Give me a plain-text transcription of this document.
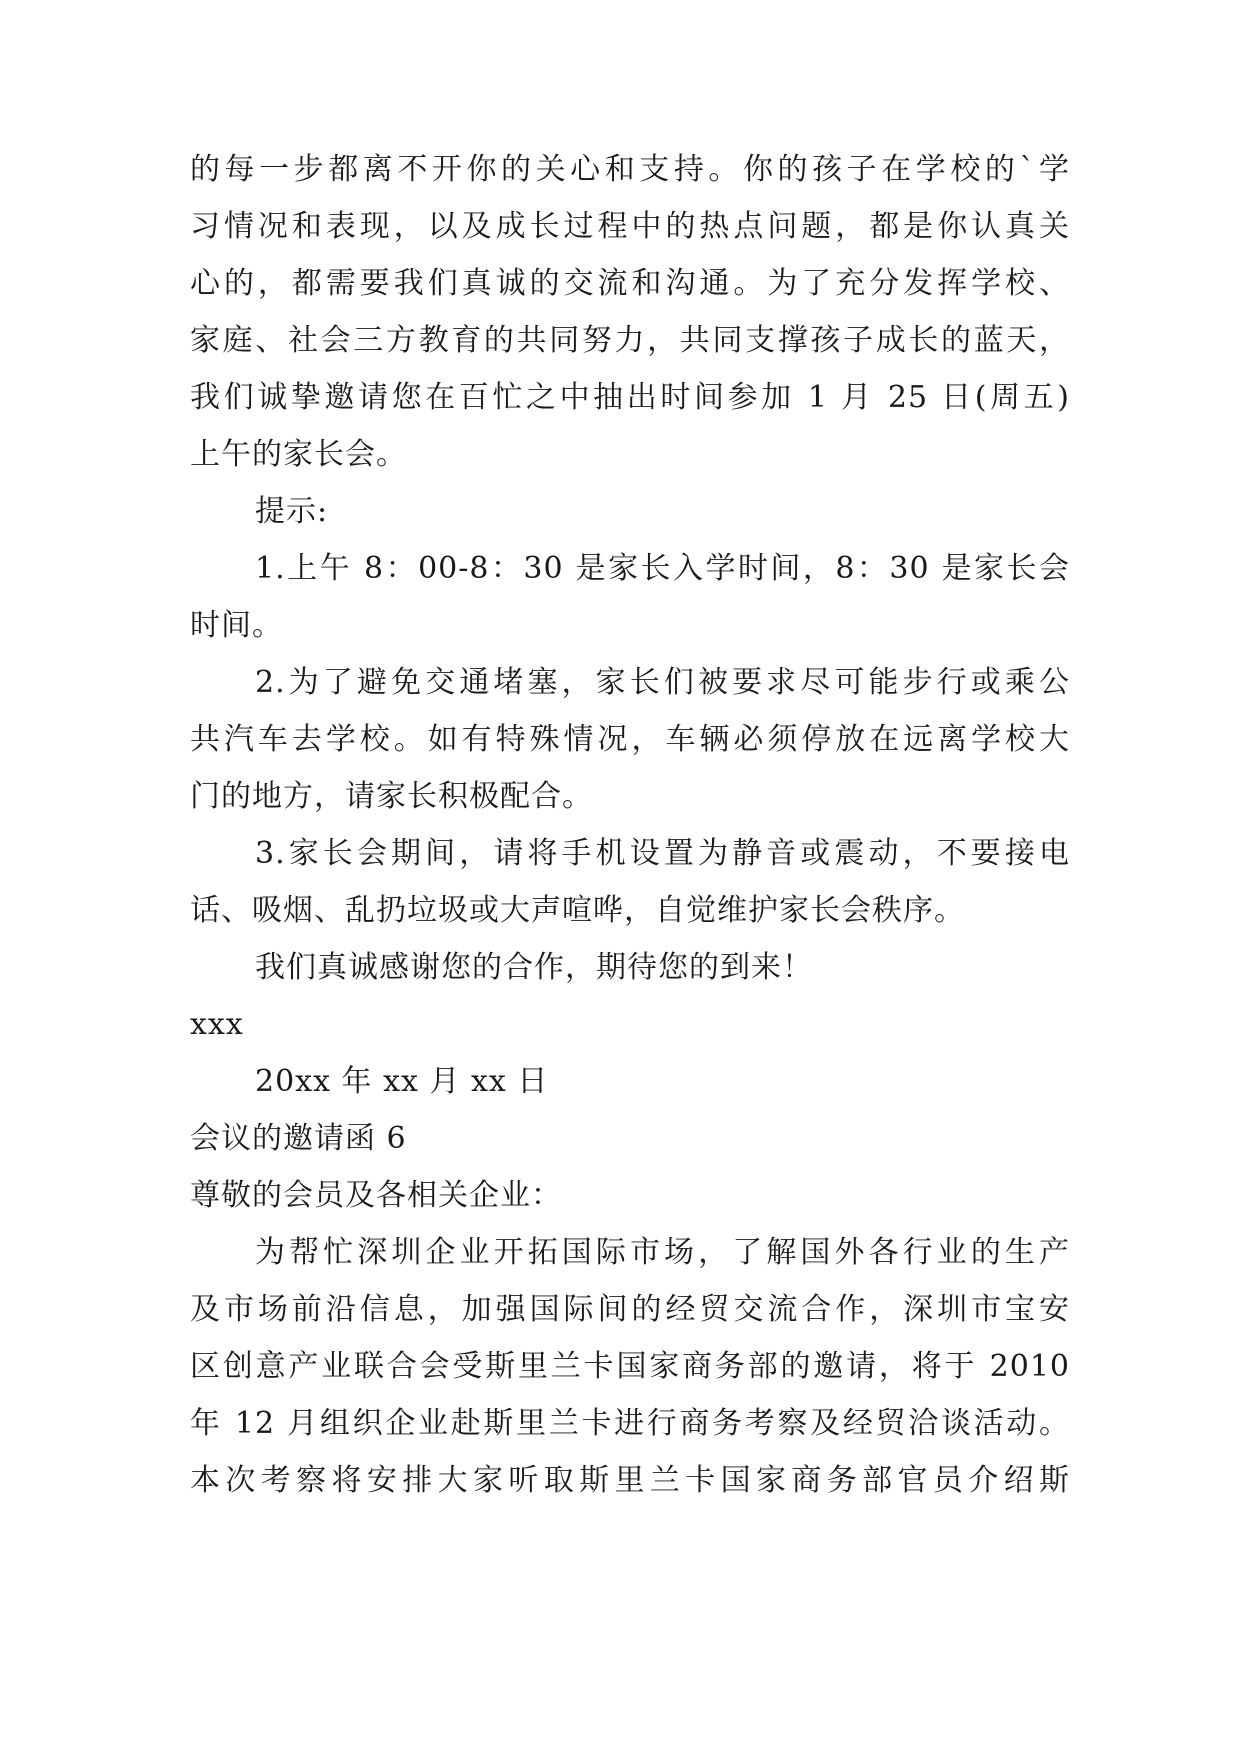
的每一步都离不开你的关心和支持。你的孩子在学校的`学
习情况和表现，以及成长过程中的热点问题，都是你认真关
心的，都需要我们真诚的交流和沟通。为了充分发挥学校、
家庭、社会三方教育的共同努力，共同支撑孩子成长的蓝天，
我们诚挚邀请您在百忙之中抽出时间参加 1 月 25 日(周五)
上午的家长会。
提示:
1.上午 8：00-8：30 是家长入学时间，8：30 是家长会
时间。
2.为了避免交通堵塞，家长们被要求尽可能步行或乘公
共汽车去学校。如有特殊情况，车辆必须停放在远离学校大
门的地方，请家长积极配合。
3.家长会期间，请将手机设置为静音或震动，不要接电
话、吸烟、乱扔垃圾或大声喧哗，自觉维护家长会秩序。
我们真诚感谢您的合作，期待您的到来！
xxx
20xx 年 xx 月 xx 日
会议的邀请函 6
尊敬的会员及各相关企业：
为帮忙深圳企业开拓国际市场，了解国外各行业的生产
及市场前沿信息，加强国际间的经贸交流合作，深圳市宝安
区创意产业联合会受斯里兰卡国家商务部的邀请，将于 2010
年 12 月组织企业赴斯里兰卡进行商务考察及经贸洽谈活动。
本次考察将安排大家听取斯里兰卡国家商务部官员介绍斯
